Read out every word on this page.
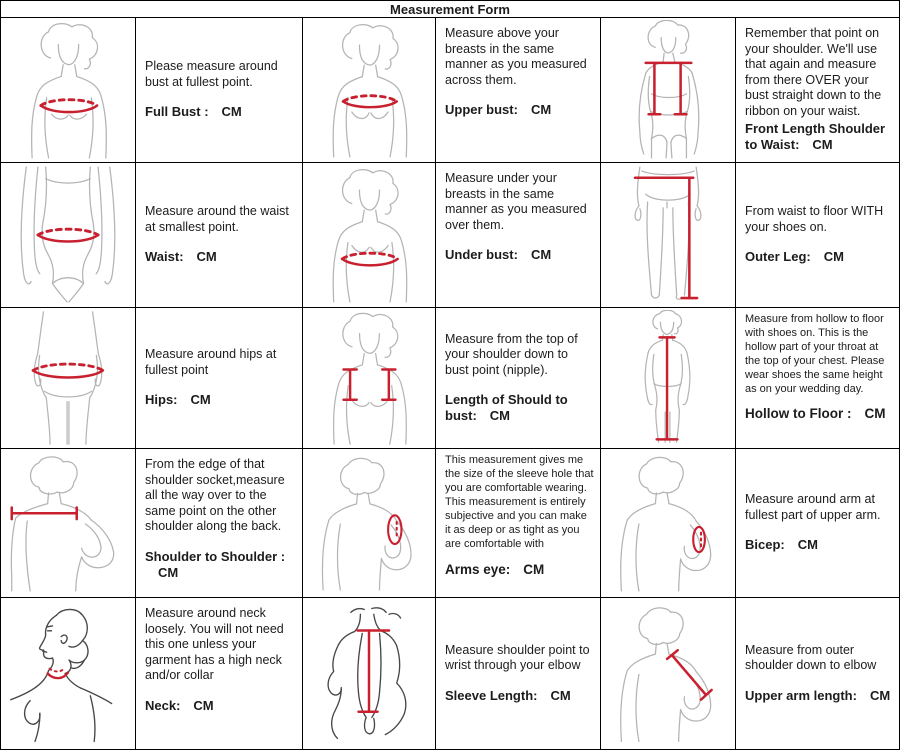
Measurement Form

Please measure around bust at fullest point.

Full Bust : CM

Measure above your breasts in the same manner as you measured across them.

Upper bust: CM

Remember that point on your shoulder. We'll use that again and measure from there OVER your bust straight down to the ribbon on your waist.

Front Length Shoulder to Waist: CM

Measure around the waist at smallest point.

Waist: CM

Measure under your breasts in the same manner as you measured over them.

Under bust: CM

From waist to floor WITH your shoes on.

Outer Leg: CM

Measure around hips at fullest point

Hips: CM

Measure from the top of your shoulder down to bust point (nipple).

Length of Should to bust: CM

Measure from hollow to floor with shoes on. This is the hollow part of your throat at the top of your chest. Please wear shoes the same height as on your wedding day.

Hollow to Floor : CM

From the edge of that shoulder socket,measure all the way over to the same point on the other shoulder along the back.

Shoulder to Shoulder :CM

This measurement gives me the size of the sleeve hole that you are comfortable wearing. This measurement is entirely subjective and you can make it as deep or as tight as you are comfortable with

Arms eye: CM

Measure around arm at fullest part of upper arm.

Bicep: CM

Measure around neck loosely. You will not need this one unless your garment has a high neck and/or collar

Neck: CM

Measure shoulder point to wrist through your elbow

Sleeve Length: CM

Measure from outer shoulder down to elbow

Upper arm length: CM
